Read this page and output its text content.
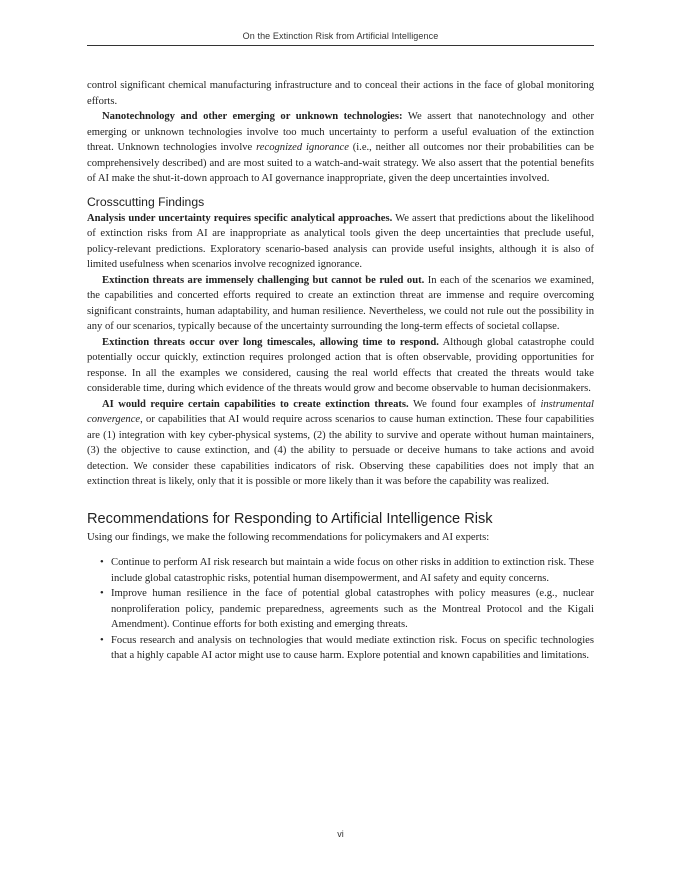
On the Extinction Risk from Artificial Intelligence

control significant chemical manufacturing infrastructure and to conceal their actions in the face of global monitoring efforts.

Nanotechnology and other emerging or unknown technologies: We assert that nanotechnology and other emerging or unknown technologies involve too much uncertainty to perform a useful evaluation of the extinction threat. Unknown technologies involve recognized ignorance (i.e., neither all outcomes nor their probabilities can be comprehensively described) and are most suited to a watch-and-wait strategy. We also assert that the potential benefits of AI make the shut-it-down approach to AI governance inappropriate, given the deep uncertainties involved.

Crosscutting Findings

Analysis under uncertainty requires specific analytical approaches. We assert that predictions about the likelihood of extinction risks from AI are inappropriate as analytical tools given the deep uncertainties that preclude useful, policy-relevant predictions. Exploratory scenario-based analysis can provide useful insights, although it is also of limited usefulness when scenarios involve recognized ignorance.

Extinction threats are immensely challenging but cannot be ruled out. In each of the scenarios we examined, the capabilities and concerted efforts required to create an extinction threat are immense and require overcoming significant constraints, human adaptability, and human resilience. Nevertheless, we could not rule out the possibility in any of our scenarios, typically because of the uncertainty surrounding the long-term effects of societal collapse.

Extinction threats occur over long timescales, allowing time to respond. Although global catastrophe could potentially occur quickly, extinction requires prolonged action that is often observable, providing opportunities for response. In all the examples we considered, causing the real world effects that created the threats would take considerable time, during which evidence of the threats would grow and become observable to human decisionmakers.

AI would require certain capabilities to create extinction threats. We found four examples of instrumental convergence, or capabilities that AI would require across scenarios to cause human extinction. These four capabilities are (1) integration with key cyber-physical systems, (2) the ability to survive and operate without human maintainers, (3) the objective to cause extinction, and (4) the ability to persuade or deceive humans to take actions and avoid detection. We consider these capabilities indicators of risk. Observing these capabilities does not imply that an extinction threat is likely, only that it is possible or more likely than it was before the capability was realized.

Recommendations for Responding to Artificial Intelligence Risk

Using our findings, we make the following recommendations for policymakers and AI experts:

• Continue to perform AI risk research but maintain a wide focus on other risks in addition to extinction risk. These include global catastrophic risks, potential human disempowerment, and AI safety and equity concerns.
• Improve human resilience in the face of potential global catastrophes with policy measures (e.g., nuclear nonproliferation policy, pandemic preparedness, agreements such as the Montreal Protocol and the Kigali Amendment). Continue efforts for both existing and emerging threats.
• Focus research and analysis on technologies that would mediate extinction risk. Focus on specific technologies that a highly capable AI actor might use to cause harm. Explore potential and known capabilities and limitations.
vi
